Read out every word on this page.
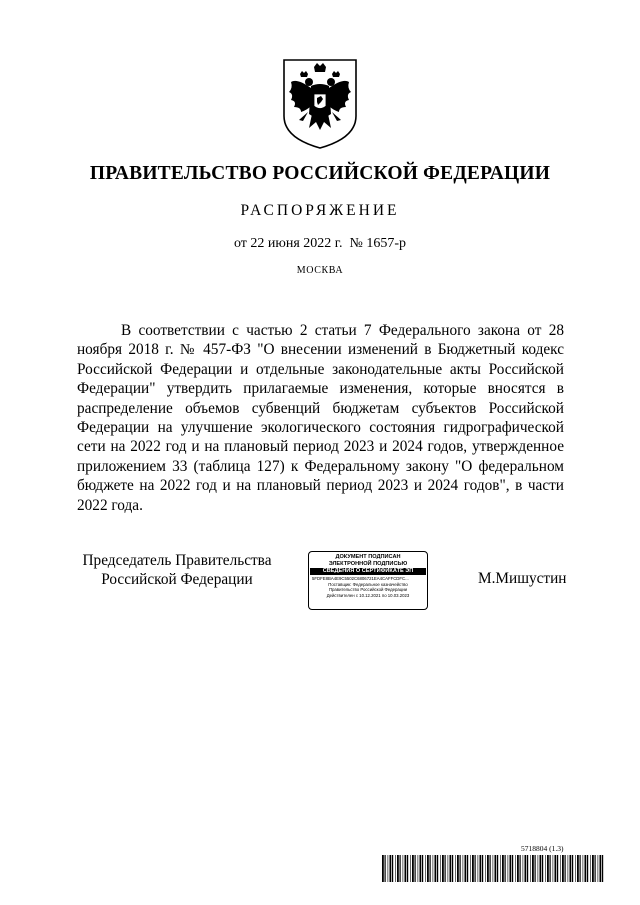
ПРАВИТЕЛЬСТВО РОССИЙСКОЙ ФЕДЕРАЦИИ
РАСПОРЯЖЕНИЕ
от 22 июня 2022 г. № 1657-р
МОСКВА
В соответствии с частью 2 статьи 7 Федерального закона от 28 ноября 2018 г. № 457-ФЗ "О внесении изменений в Бюджетный кодекс Российской Федерации и отдельные законодательные акты Российской Федерации" утвердить прилагаемые изменения, которые вносятся в распределение объемов субвенций бюджетам субъектов Российской Федерации на улучшение экологического состояния гидрографической сети на 2022 год и на плановый период 2023 и 2024 годов, утвержденное приложением 33 (таблица 127) к Федеральному закону "О федеральном бюджете на 2022 год и на плановый период 2023 и 2024 годов", в части 2022 года.
Председатель Правительства
Российской Федерации
ДОКУМЕНТ ПОДПИСАН
ЭЛЕКТРОННОЙ ПОДПИСЬЮ
СВЕДЕНИЯ О СЕРТИФИКАТЕ ЭП
5FDFE8BA4E9C5502C6806721EA4CAFFCDFC...
Поставщик: Федеральное казначейство
Правительство Российской Федерации
Действителен с 10.12.2021 по 10.03.2023
М.Мишустин
5718804 (1.3)
